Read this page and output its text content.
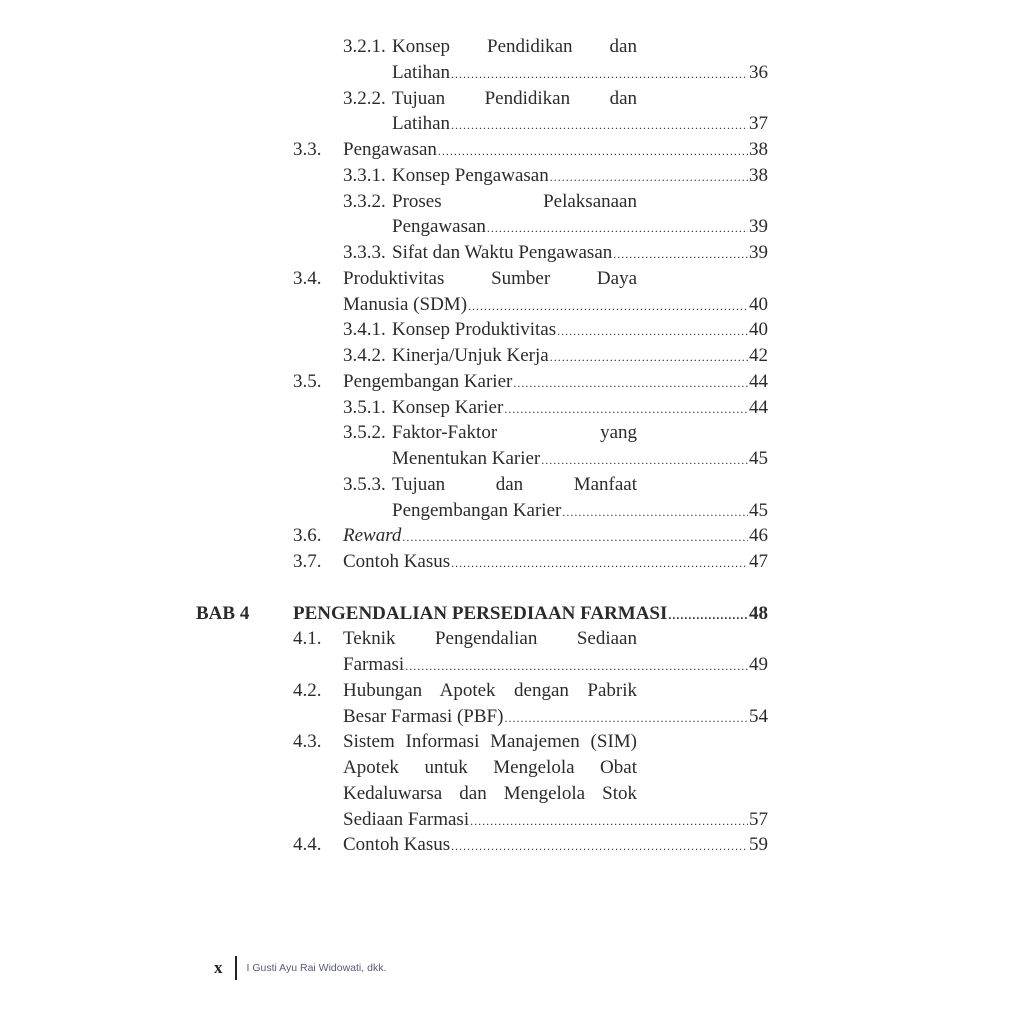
3.2.1. Konsep Pendidikan dan
Latihan .....	36
3.2.2. Tujuan Pendidikan dan
Latihan .....	37
3.3. Pengawasan .....	38
3.3.1. Konsep Pengawasan .....	38
3.3.2. Proses Pelaksanaan
Pengawasan .....	39
3.3.3. Sifat dan Waktu Pengawasan .....	39
3.4. Produktivitas Sumber Daya
Manusia (SDM) .....	40
3.4.1. Konsep Produktivitas .....	40
3.4.2. Kinerja/Unjuk Kerja .....	42
3.5. Pengembangan Karier .....	44
3.5.1. Konsep Karier .....	44
3.5.2. Faktor-Faktor yang
Menentukan Karier .....	45
3.5.3. Tujuan dan Manfaat
Pengembangan Karier .....	45
3.6. Reward .....	46
3.7. Contoh Kasus .....	47
BAB 4 PENGENDALIAN PERSEDIAAN FARMASI .....	48
4.1. Teknik Pengendalian Sediaan
Farmasi .....	49
4.2. Hubungan Apotek dengan Pabrik
Besar Farmasi (PBF) .....	54
4.3. Sistem Informasi Manajemen (SIM)
Apotek untuk Mengelola Obat
Kedaluwarsa dan Mengelola Stok
Sediaan Farmasi .....	57
4.4. Contoh Kasus .....	59
x I Gusti Ayu Rai Widowati, dkk.
